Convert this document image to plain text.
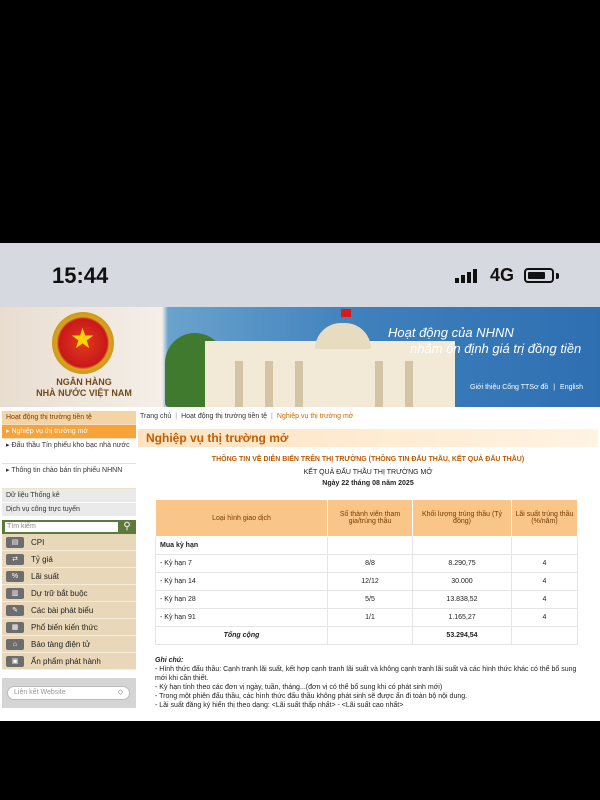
15:44	4G
★
NGÂN HÀNG
NHÀ NƯỚC VIỆT NAM
Hoạt động của NHNN
nhằm ổn định giá trị đồng tiền
Giới thiệu Cổng TTSơ đồ | English
Hoạt động thị trường tiền tệ
▸ Nghiệp vụ thị trường mở
▸ Đấu thầu Tín phiếu kho bạc nhà nước
▸ Thông tin chào bán tín phiếu NHNN
Dữ liệu Thống kê
Dịch vụ công trực tuyến
Tìm kiếm	⚲
▤	CPI
⇄	Tỷ giá
%	Lãi suất
▥	Dự trữ bắt buộc
✎	Các bài phát biểu
▦	Phổ biến kiến thức
⌂	Bảo tàng điện tử
▣	Ấn phẩm phát hành
Liên kết Website	◇
Trang chủ | Hoạt động thị trường tiền tệ | Nghiệp vụ thị trường mở
Nghiệp vụ thị trường mở
THÔNG TIN VỀ DIỄN BIẾN TRÊN THỊ TRƯỜNG (THÔNG TIN ĐẤU THẦU, KẾT QUẢ ĐẤU THẦU)
KẾT QUẢ ĐẤU THẦU THỊ TRƯỜNG MỞ
Ngày 22 tháng 08 năm 2025
Loại hình giao dịch	Số thành viên tham gia/trúng thầu	Khối lượng trúng thầu (Tỷ đồng)	Lãi suất trúng thầu (%/năm)
Mua kỳ hạn			
- Kỳ hạn 7	8/8	8.290,75	4
- Kỳ hạn 14	12/12	30.000	4
- Kỳ hạn 28	5/5	13.838,52	4
- Kỳ hạn 91	1/1	1.165,27	4
Tổng cộng		53.294,54	
Ghi chú:
- Hình thức đấu thầu: Cạnh tranh lãi suất, kết hợp cạnh tranh lãi suất và không cạnh tranh lãi suất và các hình thức khác có thể bổ sung mới khi cần thiết.
- Kỳ hạn tính theo các đơn vị ngày, tuần, tháng...(đơn vị có thể bổ sung khi có phát sinh mới)
- Trong một phiên đấu thầu, các hình thức đấu thầu không phát sinh sẽ được ẩn đi toàn bộ nội dung.
- Lãi suất đăng ký hiển thị theo dạng: <Lãi suất thấp nhất> - <Lãi suất cao nhất>
